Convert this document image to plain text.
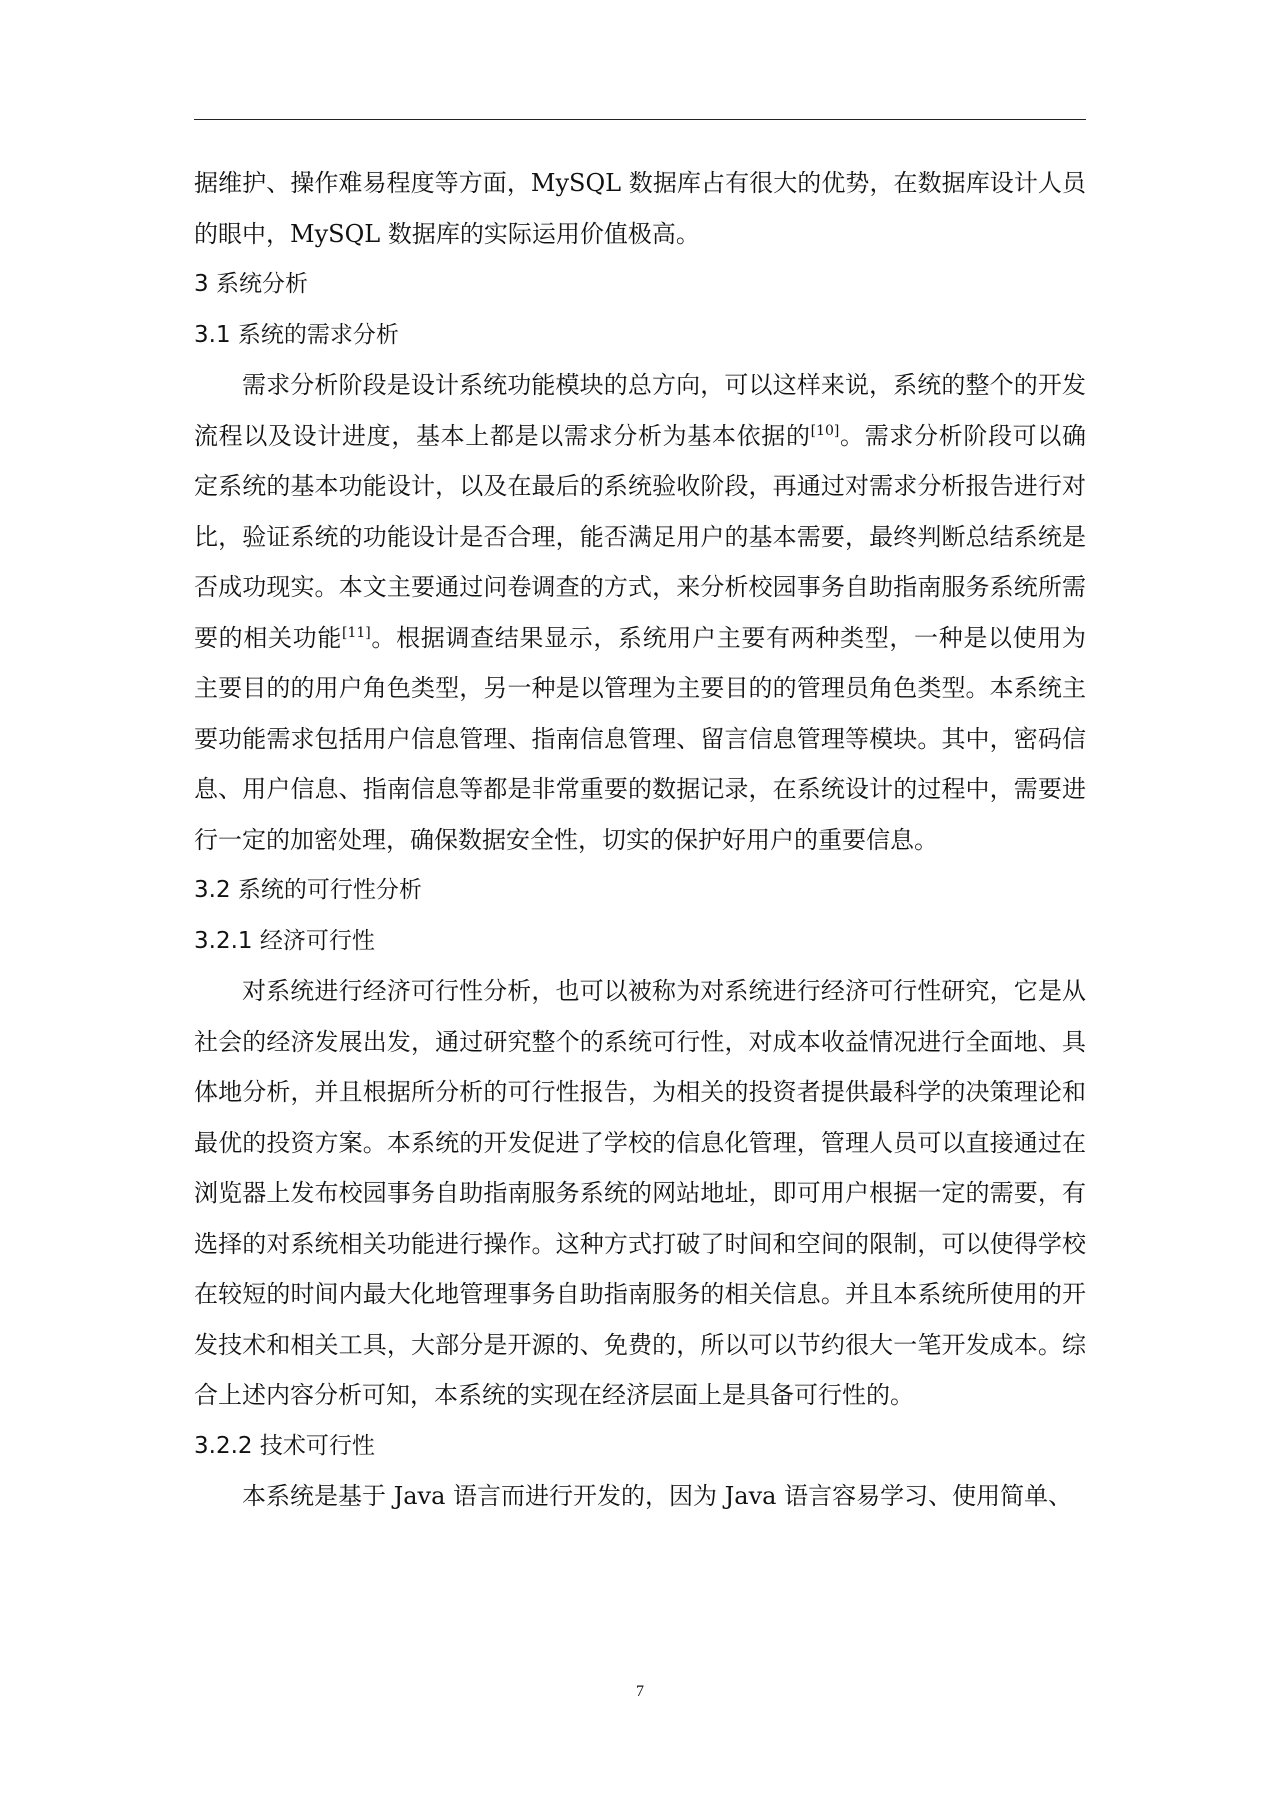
据维护、操作难易程度等方面，MySQL 数据库占有很大的优势，在数据库设计人员的眼中，MySQL 数据库的实际运用价值极高。

3 系统分析
3.1 系统的需求分析

需求分析阶段是设计系统功能模块的总方向，可以这样来说，系统的整个的开发流程以及设计进度，基本上都是以需求分析为基本依据的[10]。需求分析阶段可以确定系统的基本功能设计，以及在最后的系统验收阶段，再通过对需求分析报告进行对比，验证系统的功能设计是否合理，能否满足用户的基本需要，最终判断总结系统是否成功现实。本文主要通过问卷调查的方式，来分析校园事务自助指南服务系统所需要的相关功能[11]。根据调查结果显示，系统用户主要有两种类型，一种是以使用为主要目的的用户角色类型，另一种是以管理为主要目的的管理员角色类型。本系统主要功能需求包括用户信息管理、指南信息管理、留言信息管理等模块。其中，密码信息、用户信息、指南信息等都是非常重要的数据记录，在系统设计的过程中，需要进行一定的加密处理，确保数据安全性，切实的保护好用户的重要信息。

3.2 系统的可行性分析
3.2.1 经济可行性

对系统进行经济可行性分析，也可以被称为对系统进行经济可行性研究，它是从社会的经济发展出发，通过研究整个的系统可行性，对成本收益情况进行全面地、具体地分析，并且根据所分析的可行性报告，为相关的投资者提供最科学的决策理论和最优的投资方案。本系统的开发促进了学校的信息化管理，管理人员可以直接通过在浏览器上发布校园事务自助指南服务系统的网站地址，即可用户根据一定的需要，有选择的对系统相关功能进行操作。这种方式打破了时间和空间的限制，可以使得学校在较短的时间内最大化地管理事务自助指南服务的相关信息。并且本系统所使用的开发技术和相关工具，大部分是开源的、免费的，所以可以节约很大一笔开发成本。综合上述内容分析可知，本系统的实现在经济层面上是具备可行性的。

3.2.2 技术可行性

本系统是基于 Java 语言而进行开发的，因为 Java 语言容易学习、使用简单、

7
